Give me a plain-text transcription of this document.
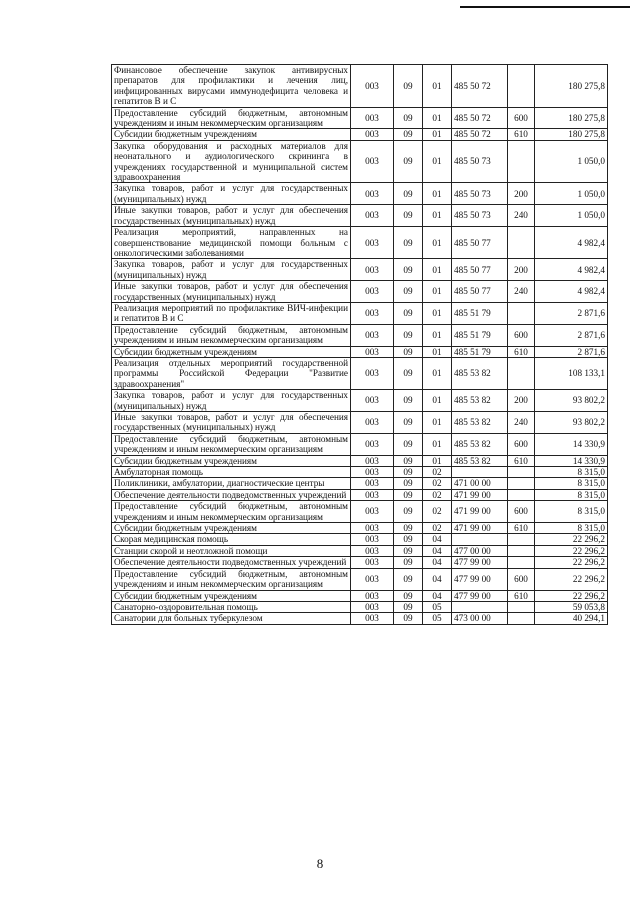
Финансовое обеспечение закупок антивирусных препаратов для профилактики и лечения лиц, инфицированных вирусами иммунодефицита человека и гепатитов В и С	003	09	01	485 50 72		180 275,8
Предоставление субсидий бюджетным, автономным учреждениям и иным некоммерческим организациям	003	09	01	485 50 72	600	180 275,8
Субсидии бюджетным учреждениям	003	09	01	485 50 72	610	180 275,8
Закупка оборудования и расходных материалов для неонатального и аудиологического скрининга в учреждениях государственной и муниципальной систем здравоохранения	003	09	01	485 50 73		1 050,0
Закупка товаров, работ и услуг для государственных (муниципальных) нужд	003	09	01	485 50 73	200	1 050,0
Иные закупки товаров, работ и услуг для обеспечения государственных (муниципальных) нужд	003	09	01	485 50 73	240	1 050,0
Реализация мероприятий, направленных на совершенствование медицинской помощи больным с онкологическими заболеваниями	003	09	01	485 50 77		4 982,4
Закупка товаров, работ и услуг для государственных (муниципальных) нужд	003	09	01	485 50 77	200	4 982,4
Иные закупки товаров, работ и услуг для обеспечения государственных (муниципальных) нужд	003	09	01	485 50 77	240	4 982,4
Реализация мероприятий по профилактике ВИЧ-инфекции и гепатитов В и С	003	09	01	485 51 79		2 871,6
Предоставление субсидий бюджетным, автономным учреждениям и иным некоммерческим организациям	003	09	01	485 51 79	600	2 871,6
Субсидии бюджетным учреждениям	003	09	01	485 51 79	610	2 871,6
Реализация отдельных мероприятий государственной программы Российской Федерации "Развитие здравоохранения"	003	09	01	485 53 82		108 133,1
Закупка товаров, работ и услуг для государственных (муниципальных) нужд	003	09	01	485 53 82	200	93 802,2
Иные закупки товаров, работ и услуг для обеспечения государственных (муниципальных) нужд	003	09	01	485 53 82	240	93 802,2
Предоставление субсидий бюджетным, автономным учреждениям и иным некоммерческим организациям	003	09	01	485 53 82	600	14 330,9
Субсидии бюджетным учреждениям	003	09	01	485 53 82	610	14 330,9
Амбулаторная помощь	003	09	02			8 315,0
Поликлиники, амбулатории, диагностические центры	003	09	02	471 00 00		8 315,0
Обеспечение деятельности подведомственных учреждений	003	09	02	471 99 00		8 315,0
Предоставление субсидий бюджетным, автономным учреждениям и иным некоммерческим организациям	003	09	02	471 99 00	600	8 315,0
Субсидии бюджетным учреждениям	003	09	02	471 99 00	610	8 315,0
Скорая медицинская помощь	003	09	04			22 296,2
Станции скорой и неотложной помощи	003	09	04	477 00 00		22 296,2
Обеспечение деятельности подведомственных учреждений	003	09	04	477 99 00		22 296,2
Предоставление субсидий бюджетным, автономным учреждениям и иным некоммерческим организациям	003	09	04	477 99 00	600	22 296,2
Субсидии бюджетным учреждениям	003	09	04	477 99 00	610	22 296,2
Санаторно-оздоровительная помощь	003	09	05			59 053,8
Санатории для больных туберкулезом	003	09	05	473 00 00		40 294,1
8
